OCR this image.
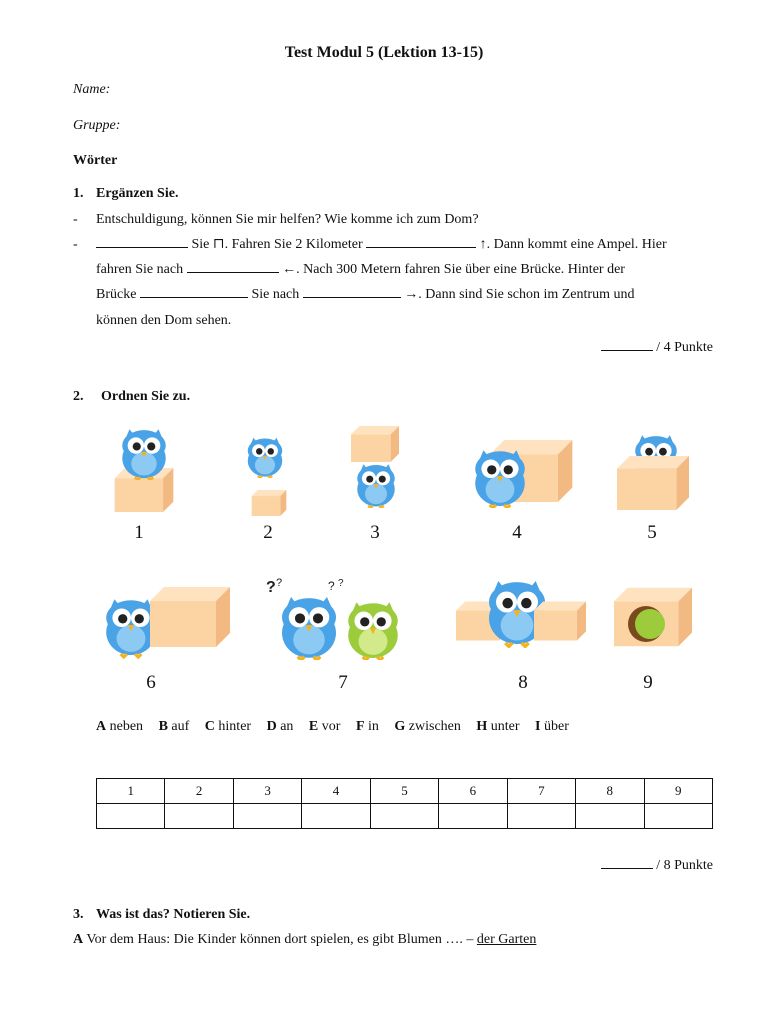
Test Modul 5 (Lektion 13-15)
Name:
Gruppe:
Wörter
1. Ergänzen Sie.
- Entschuldigung, können Sie mir helfen? Wie komme ich zum Dom?
-	Sie ⊓. Fahren Sie 2 Kilometer	↑. Dann kommt eine Ampel. Hier
fahren Sie nach	←. Nach 300 Metern fahren Sie über eine Brücke. Hinter der
Brücke	Sie nach	→. Dann sind Sie schon im Zentrum und
können den Dom sehen.
/ 4 Punkte
2. Ordnen Sie zu.
1	2	3	4	5
? ?	? ?
6	7	8	9
A neben B auf C hinter D an E vor F in G zwischen H unter I über
1	2	3	4	5	6	7	8	9

/ 8 Punkte
3. Was ist das? Notieren Sie.
A Vor dem Haus: Die Kinder können dort spielen, es gibt Blumen …. – der Garten
